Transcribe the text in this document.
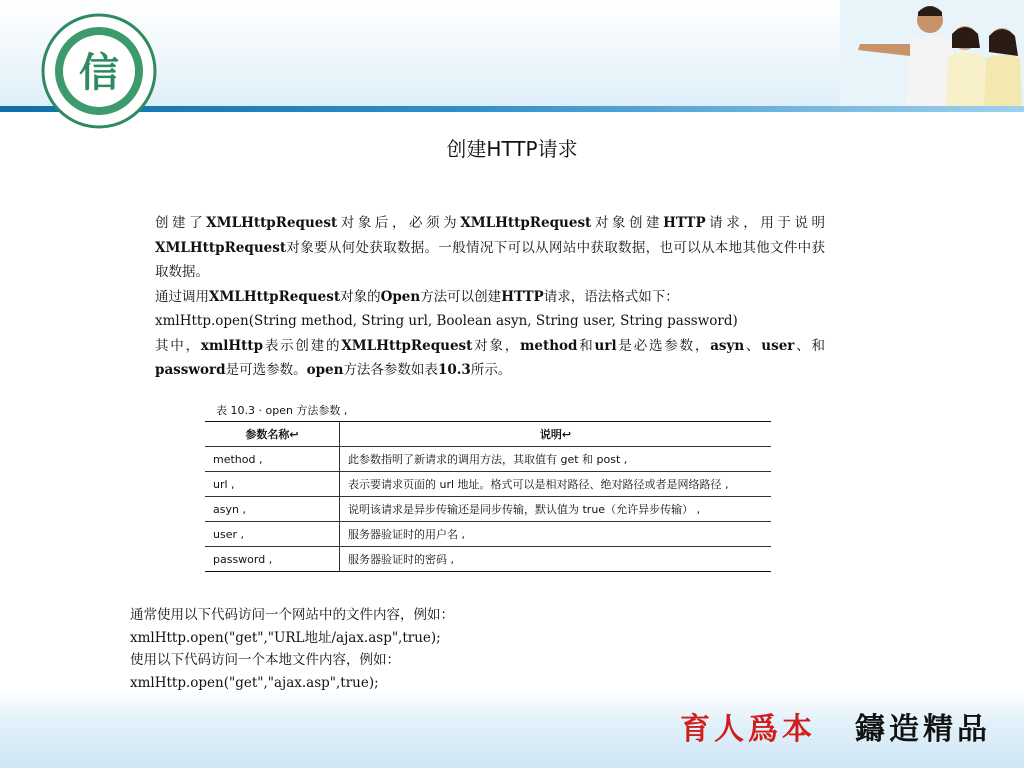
信
创建HTTP请求

创建了XMLHttpRequest对象后，必须为XMLHttpRequest对象创建HTTP请求，用于说明XMLHttpRequest对象要从何处获取数据。一般情况下可以从网站中获取数据，也可以从本地其他文件中获取数据。

通过调用XMLHttpRequest对象的Open方法可以创建HTTP请求，语法格式如下：

xmlHttp.open(String method, String url, Boolean asyn, String user, String password)

其中，xmlHttp表示创建的XMLHttpRequest对象，method和url是必选参数，asyn、user、和password是可选参数。open方法各参数如表10.3所示。

表 10.3 · open 方法参数 ,
参数名称↩	说明↩
method ,	此参数指明了新请求的调用方法，其取值有 get 和 post ,
url ,	表示要请求页面的 url 地址。格式可以是相对路径、绝对路径或者是网络路径 ,
asyn ,	说明该请求是异步传输还是同步传输，默认值为 true（允许异步传输） ,
user ,	服务器验证时的用户名 ,
password ,	服务器验证时的密码 ,

通常使用以下代码访问一个网站中的文件内容，例如：

xmlHttp.open("get","URL地址/ajax.asp",true);

使用以下代码访问一个本地文件内容，例如：

xmlHttp.open("get","ajax.asp",true);

育人爲本 鑄造精品
